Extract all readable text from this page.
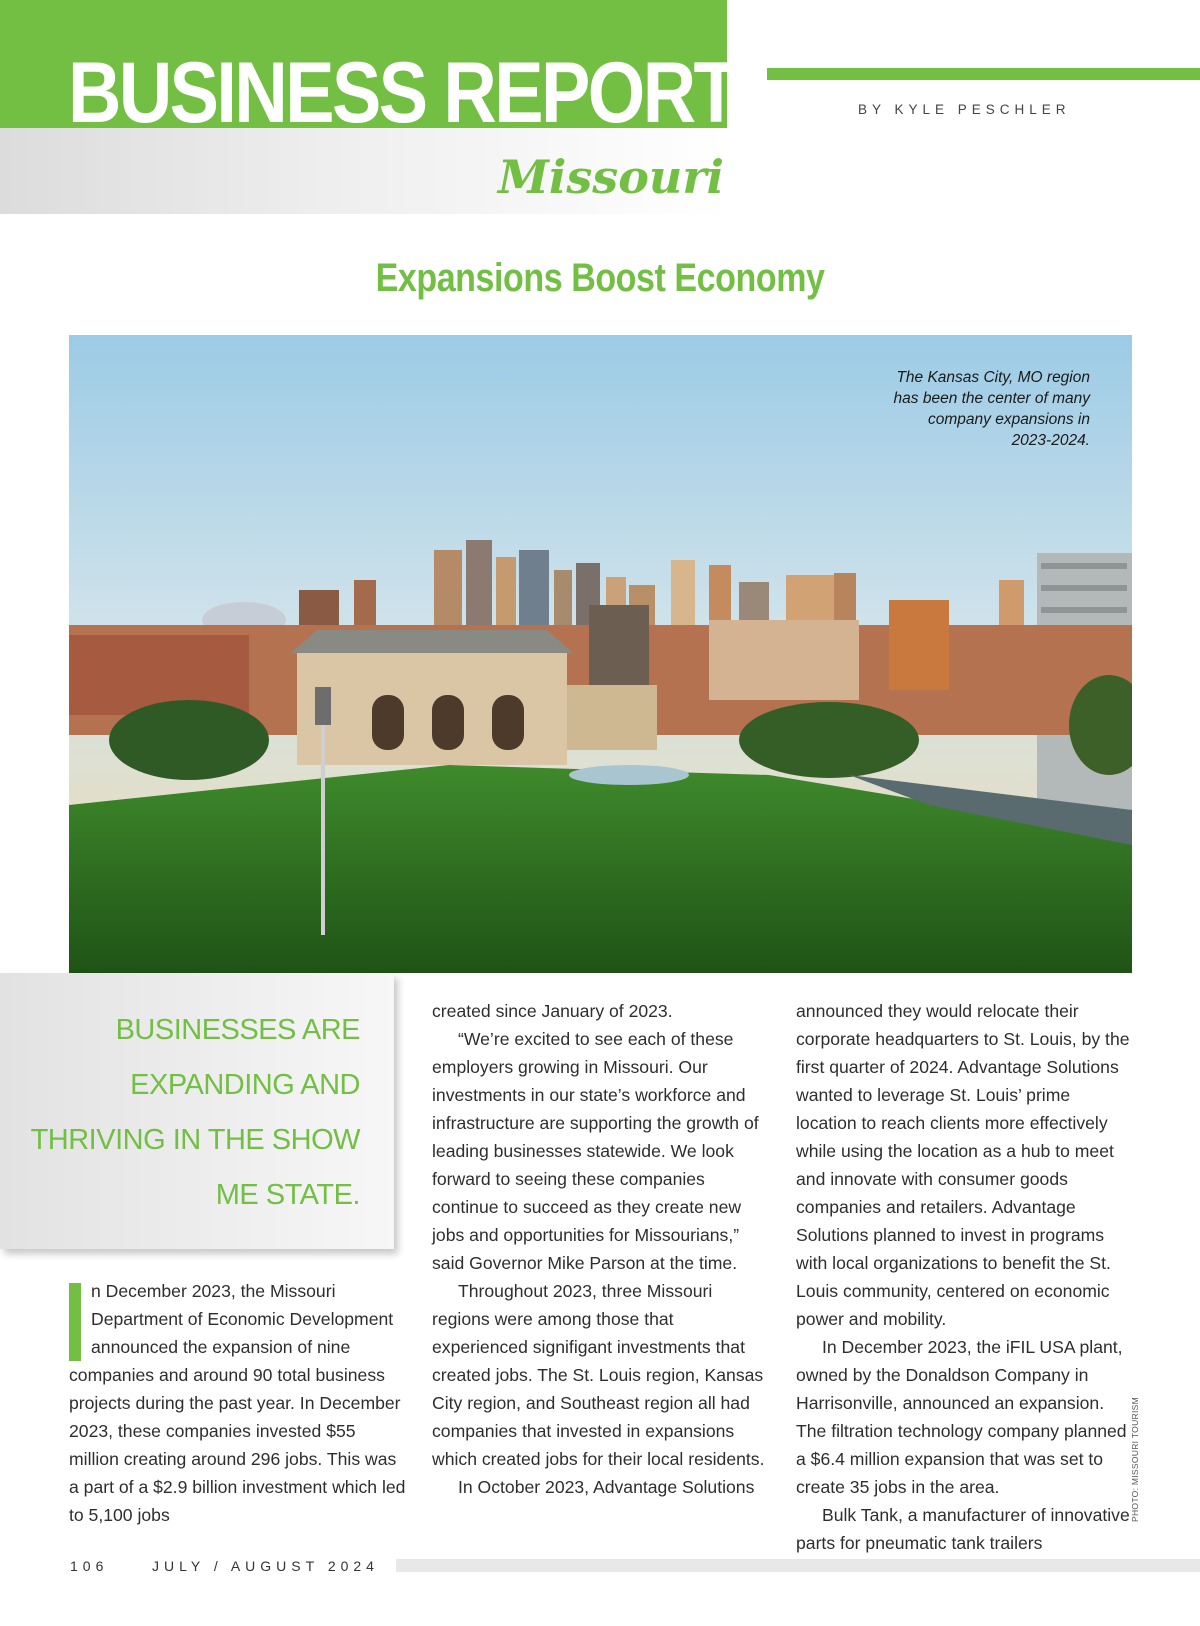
BUSINESS REPORT
Missouri
BY KYLE PESCHLER
Expansions Boost Economy
The Kansas City, MO region has been the center of many company expansions in 2023-2024.
BUSINESSES ARE EXPANDING AND THRIVING IN THE SHOW ME STATE.

n December 2023, the Missouri Department of Economic Development announced the expansion of nine companies and around 90 total business projects during the past year. In December 2023, these companies invested $55 million creating around 296 jobs. This was a part of a $2.9 billion investment which led to 5,100 jobs

created since January of 2023.

“We’re excited to see each of these employers growing in Missouri. Our investments in our state’s workforce and infrastructure are supporting the growth of leading businesses statewide. We look forward to seeing these companies continue to succeed as they create new jobs and opportunities for Missourians,” said Governor Mike Parson at the time.

Throughout 2023, three Missouri regions were among those that experienced signifigant investments that created jobs. The St. Louis region, Kansas City region, and Southeast region all had companies that invested in expansions which created jobs for their local residents.

In October 2023, Advantage Solutions

announced they would relocate their corporate headquarters to St. Louis, by the first quarter of 2024. Advantage Solutions wanted to leverage St. Louis’ prime location to reach clients more effectively while using the location as a hub to meet and innovate with consumer goods companies and retailers. Advantage Solutions planned to invest in programs with local organizations to benefit the St. Louis community, centered on economic power and mobility.

In December 2023, the iFIL USA plant, owned by the Donaldson Company in Harrisonville, announced an expansion. The filtration technology company planned a $6.4 million expansion that was set to create 35 jobs in the area.

Bulk Tank, a manufacturer of innovative parts for pneumatic tank trailers

PHOTO: MISSOURI TOURISM
106	JULY / AUGUST 2024
